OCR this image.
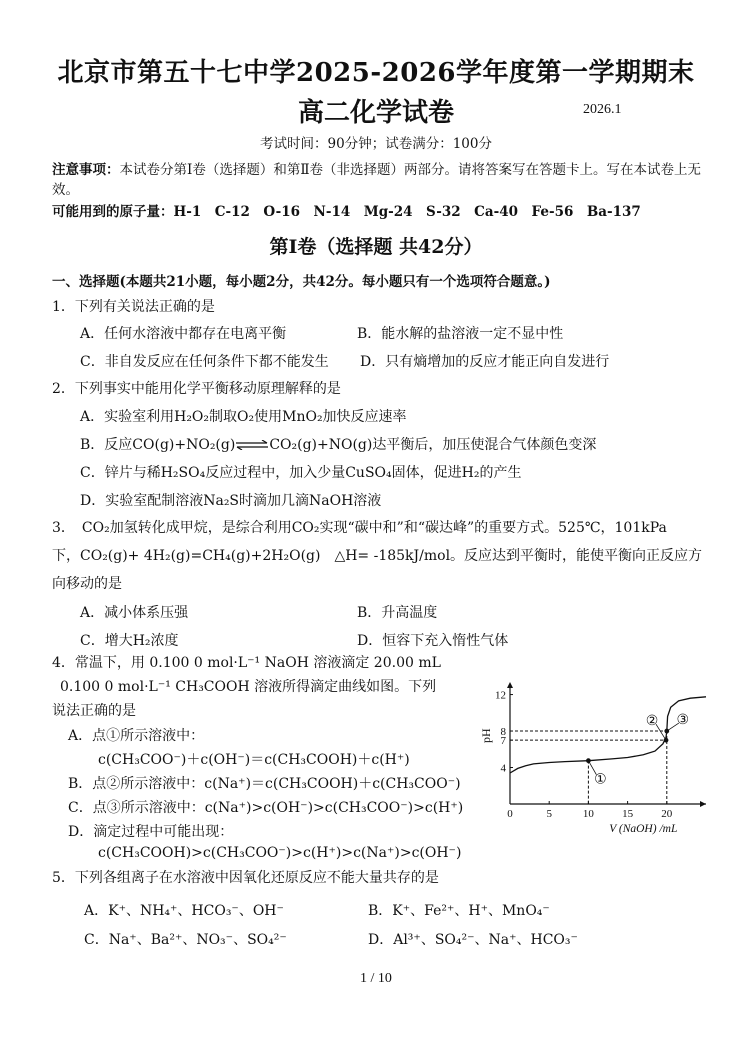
北京市第五十七中学2025-2026学年度第一学期期末
高二化学试卷	2026.1
考试时间：90分钟；试卷满分：100分
注意事项：本试卷分第Ⅰ卷（选择题）和第Ⅱ卷（非选择题）两部分。请将答案写在答题卡上。写在本试卷上无效。
可能用到的原子量：H-1　C-12　O-16　N-14　Mg-24　S-32　Ca-40　Fe-56　Ba-137
第Ⅰ卷（选择题 共42分）
一、选择题(本题共21小题，每小题2分，共42分。每小题只有一个选项符合题意。)
1．下列有关说法正确的是
A．任何水溶液中都存在电离平衡	B．能水解的盐溶液一定不显中性
C．非自发反应在任何条件下都不能发生 D．只有熵增加的反应才能正向自发进行
2．下列事实中能用化学平衡移动原理解释的是
A．实验室利用H₂O₂制取O₂使用MnO₂加快反应速率
B．反应CO(g)+NO₂(g)⇌CO₂(g)+NO(g)达平衡后，加压使混合气体颜色变深
C．锌片与稀H₂SO₄反应过程中，加入少量CuSO₄固体，促进H₂的产生
D．实验室配制溶液Na₂S时滴加几滴NaOH溶液
3．　CO₂加氢转化成甲烷，是综合利用CO₂实现“碳中和”和“碳达峰”的重要方式。525℃，101kPa
下，CO₂(g)+ 4H₂(g)=CH₄(g)+2H₂O(g)　△H= -185kJ/mol。反应达到平衡时，能使平衡向正反应方
向移动的是
A．减小体系压强	B．升高温度
C．增大H₂浓度	D．恒容下充入惰性气体
4．常温下，用 0.100 0 mol·L⁻¹ NaOH 溶液滴定 20.00 mL
0.100 0 mol·L⁻¹ CH₃COOH 溶液所得滴定曲线如图。下列
说法正确的是
A．点①所示溶液中：
c(CH₃COO⁻)＋c(OH⁻)＝c(CH₃COOH)＋c(H⁺)
B．点②所示溶液中：c(Na⁺)＝c(CH₃COOH)＋c(CH₃COO⁻)
C．点③所示溶液中：c(Na⁺)>c(OH⁻)>c(CH₃COO⁻)>c(H⁺)
D．滴定过程中可能出现：
c(CH₃COOH)>c(CH₃COO⁻)>c(H⁺)>c(Na⁺)>c(OH⁻)
0	5	10	15	20
4
7
8
12
pH
V (NaOH) /mL
①
② ③
5．下列各组离子在水溶液中因氧化还原反应不能大量共存的是
A．K⁺、NH₄⁺、HCO₃⁻、OH⁻	B．K⁺、Fe²⁺、H⁺、MnO₄⁻
C．Na⁺、Ba²⁺、NO₃⁻、SO₄²⁻	D．Al³⁺、SO₄²⁻、Na⁺、HCO₃⁻
1 / 10
